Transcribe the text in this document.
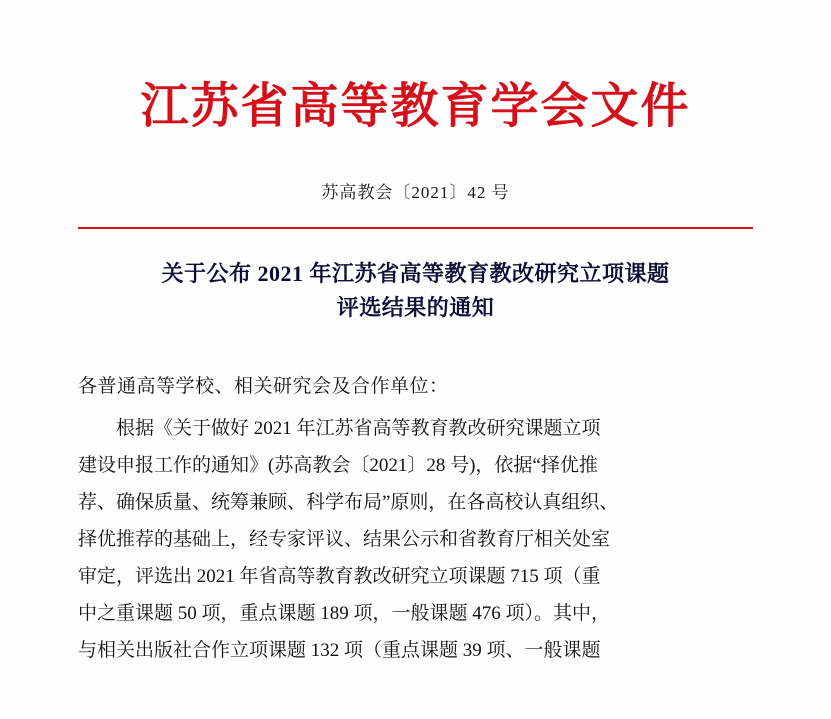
江苏省高等教育学会文件
苏高教会〔2021〕42 号
关于公布 2021 年江苏省高等教育教改研究立项课题
评选结果的通知
各普通高等学校、相关研究会及合作单位：
根据《关于做好 2021 年江苏省高等教育教改研究课题立项
建设申报工作的通知》(苏高教会〔2021〕28 号)，依据“择优推
荐、确保质量、统筹兼顾、科学布局”原则，在各高校认真组织、
择优推荐的基础上，经专家评议、结果公示和省教育厅相关处室
审定，评选出 2021 年省高等教育教改研究立项课题 715 项（重
中之重课题 50 项，重点课题 189 项，一般课题 476 项）。其中，
与相关出版社合作立项课题 132 项（重点课题 39 项、一般课题
